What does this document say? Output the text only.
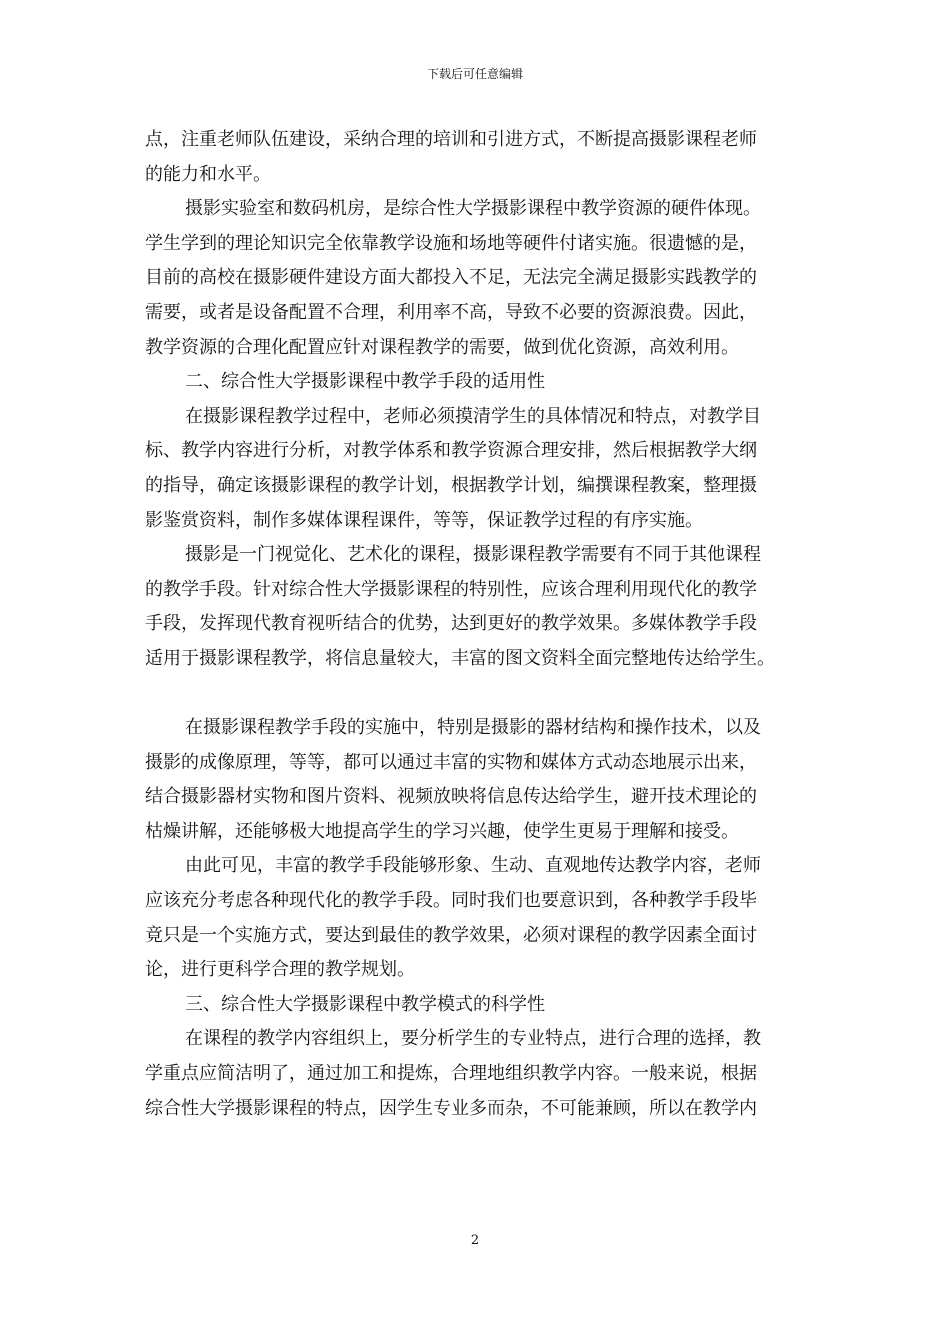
下载后可任意编辑
点，注重老师队伍建设，采纳合理的培训和引进方式，不断提高摄影课程老师
的能力和水平。
摄影实验室和数码机房，是综合性大学摄影课程中教学资源的硬件体现。
学生学到的理论知识完全依靠教学设施和场地等硬件付诸实施。很遗憾的是，
目前的高校在摄影硬件建设方面大都投入不足，无法完全满足摄影实践教学的
需要，或者是设备配置不合理，利用率不高，导致不必要的资源浪费。因此，
教学资源的合理化配置应针对课程教学的需要，做到优化资源，高效利用。
二、综合性大学摄影课程中教学手段的适用性
在摄影课程教学过程中，老师必须摸清学生的具体情况和特点，对教学目
标、教学内容进行分析，对教学体系和教学资源合理安排，然后根据教学大纲
的指导，确定该摄影课程的教学计划，根据教学计划，编撰课程教案，整理摄
影鉴赏资料，制作多媒体课程课件，等等，保证教学过程的有序实施。
摄影是一门视觉化、艺术化的课程，摄影课程教学需要有不同于其他课程
的教学手段。针对综合性大学摄影课程的特别性，应该合理利用现代化的教学
手段，发挥现代教育视听结合的优势，达到更好的教学效果。多媒体教学手段
适用于摄影课程教学，将信息量较大，丰富的图文资料全面完整地传达给学生。
在摄影课程教学手段的实施中，特别是摄影的器材结构和操作技术，以及
摄影的成像原理，等等，都可以通过丰富的实物和媒体方式动态地展示出来，
结合摄影器材实物和图片资料、视频放映将信息传达给学生，避开技术理论的
枯燥讲解，还能够极大地提高学生的学习兴趣，使学生更易于理解和接受。
由此可见，丰富的教学手段能够形象、生动、直观地传达教学内容，老师
应该充分考虑各种现代化的教学手段。同时我们也要意识到，各种教学手段毕
竟只是一个实施方式，要达到最佳的教学效果，必须对课程的教学因素全面讨
论，进行更科学合理的教学规划。
三、综合性大学摄影课程中教学模式的科学性
在课程的教学内容组织上，要分析学生的专业特点，进行合理的选择，教
学重点应简洁明了，通过加工和提炼，合理地组织教学内容。一般来说，根据
综合性大学摄影课程的特点，因学生专业多而杂，不可能兼顾，所以在教学内
2
